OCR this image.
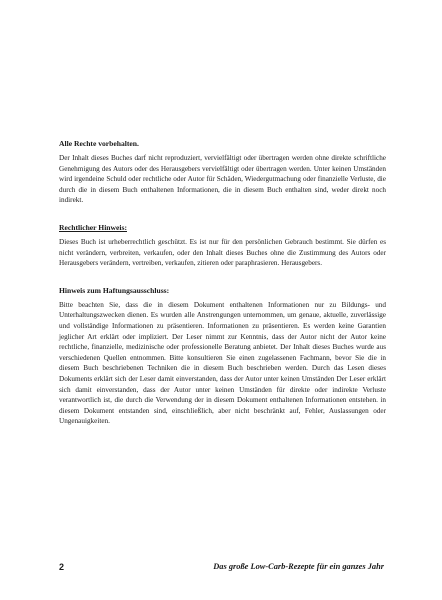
Alle Rechte vorbehalten.

Der Inhalt dieses Buches darf nicht reproduziert, vervielfältigt oder übertragen werden ohne direkte schriftliche Genehmigung des Autors oder des Herausgebers vervielfältigt oder übertragen werden. Unter keinen Umständen wird irgendeine Schuld oder rechtliche oder Autor für Schäden, Wiedergutmachung oder finanzielle Verluste, die durch die in diesem Buch enthaltenen Informationen, die in diesem Buch enthalten sind, weder direkt noch indirekt.

Rechtlicher Hinweis:

Dieses Buch ist urheberrechtlich geschützt. Es ist nur für den persönlichen Gebrauch bestimmt. Sie dürfen es nicht verändern, verbreiten, verkaufen, oder den Inhalt dieses Buches ohne die Zustimmung des Autors oder Herausgebers verändern, vertreiben, verkaufen, zitieren oder paraphrasieren. Herausgebers.

Hinweis zum Haftungsausschluss:

Bitte beachten Sie, dass die in diesem Dokument enthaltenen Informationen nur zu Bildungs- und Unterhaltungszwecken dienen. Es wurden alle Anstrengungen unternommen, um genaue, aktuelle, zuverlässige und vollständige Informationen zu präsentieren. Informationen zu präsentieren. Es werden keine Garantien jeglicher Art erklärt oder impliziert. Der Leser nimmt zur Kenntnis, dass der Autor nicht der Autor keine rechtliche, finanzielle, medizinische oder professionelle Beratung anbietet. Der Inhalt dieses Buches wurde aus verschiedenen Quellen entnommen. Bitte konsultieren Sie einen zugelassenen Fachmann, bevor Sie die in diesem Buch beschriebenen Techniken die in diesem Buch beschrieben werden. Durch das Lesen dieses Dokuments erklärt sich der Leser damit einverstanden, dass der Autor unter keinen Umständen Der Leser erklärt sich damit einverstanden, dass der Autor unter keinen Umständen für direkte oder indirekte Verluste verantwortlich ist, die durch die Verwendung der in diesem Dokument enthaltenen Informationen entstehen. in diesem Dokument entstanden sind, einschließlich, aber nicht beschränkt auf, Fehler, Auslassungen oder Ungenauigkeiten.

2	Das große Low-Carb-Rezepte für ein ganzes Jahr
